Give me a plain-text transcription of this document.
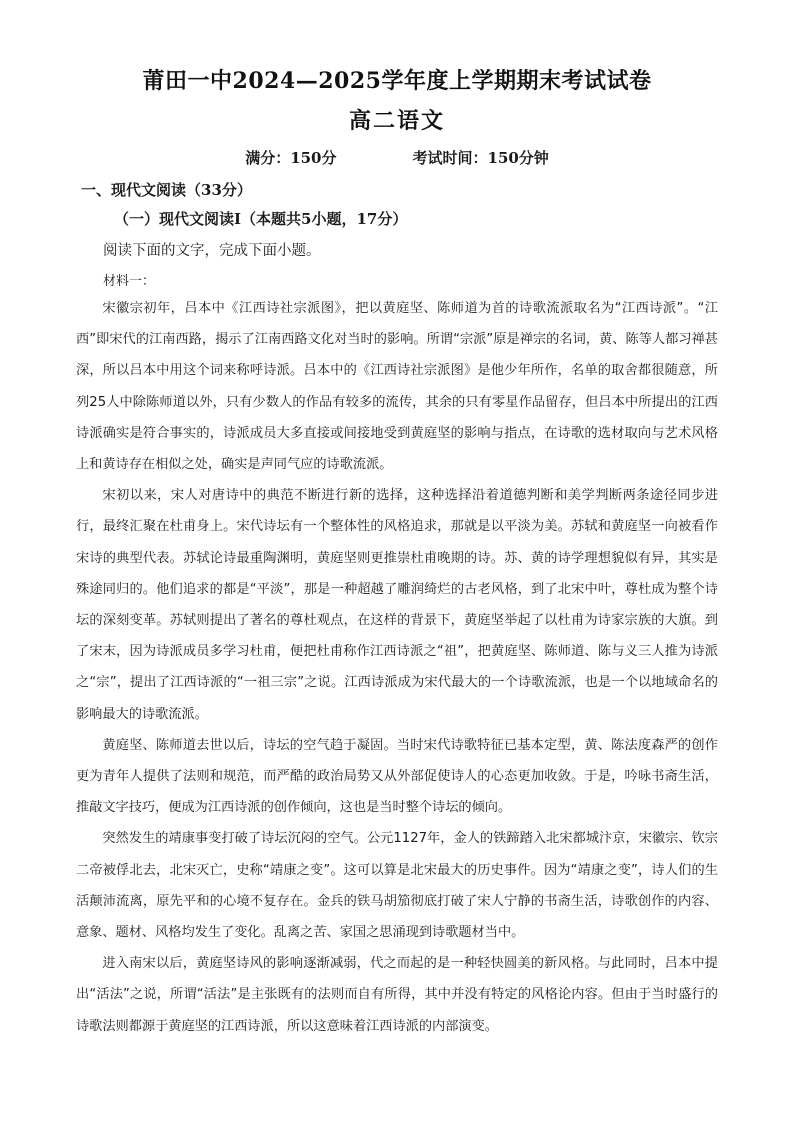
莆田一中2024—2025学年度上学期期末考试试卷
高二语文
满分：150分	考试时间：150分钟
一、现代文阅读（33分）
（一）现代文阅读Ⅰ（本题共5小题，17分）

阅读下面的文字，完成下面小题。

材料一：

宋徽宗初年，吕本中《江西诗社宗派图》，把以黄庭坚、陈师道为首的诗歌流派取名为“江西诗派”。“江西”即宋代的江南西路，揭示了江南西路文化对当时的影响。所谓“宗派”原是禅宗的名词，黄、陈等人都习禅甚深，所以吕本中用这个词来称呼诗派。吕本中的《江西诗社宗派图》是他少年所作，名单的取舍都很随意，所列25人中除陈师道以外，只有少数人的作品有较多的流传，其余的只有零星作品留存，但吕本中所提出的江西诗派确实是符合事实的，诗派成员大多直接或间接地受到黄庭坚的影响与指点，在诗歌的选材取向与艺术风格上和黄诗存在相似之处，确实是声同气应的诗歌流派。

宋初以来，宋人对唐诗中的典范不断进行新的选择，这种选择沿着道德判断和美学判断两条途径同步进行，最终汇聚在杜甫身上。宋代诗坛有一个整体性的风格追求，那就是以平淡为美。苏轼和黄庭坚一向被看作宋诗的典型代表。苏轼论诗最重陶渊明，黄庭坚则更推崇杜甫晚期的诗。苏、黄的诗学理想貌似有异，其实是殊途同归的。他们追求的都是“平淡”，那是一种超越了雕润绮烂的古老风格，到了北宋中叶，尊杜成为整个诗坛的深刻变革。苏轼则提出了著名的尊杜观点，在这样的背景下，黄庭坚举起了以杜甫为诗家宗族的大旗。到了宋末，因为诗派成员多学习杜甫，便把杜甫称作江西诗派之“祖”，把黄庭坚、陈师道、陈与义三人推为诗派之“宗”，提出了江西诗派的“一祖三宗”之说。江西诗派成为宋代最大的一个诗歌流派，也是一个以地域命名的影响最大的诗歌流派。

黄庭坚、陈师道去世以后，诗坛的空气趋于凝固。当时宋代诗歌特征已基本定型，黄、陈法度森严的创作更为青年人提供了法则和规范，而严酷的政治局势又从外部促使诗人的心态更加收敛。于是，吟咏书斋生活，推敲文字技巧，便成为江西诗派的创作倾向，这也是当时整个诗坛的倾向。

突然发生的靖康事变打破了诗坛沉闷的空气。公元1127年，金人的铁蹄踏入北宋都城汴京，宋徽宗、钦宗二帝被俘北去，北宋灭亡，史称“靖康之变”。这可以算是北宋最大的历史事件。因为“靖康之变”，诗人们的生活颠沛流离，原先平和的心境不复存在。金兵的铁马胡笳彻底打破了宋人宁静的书斋生活，诗歌创作的内容、意象、题材、风格均发生了变化。乱离之苦、家国之思涌现到诗歌题材当中。

进入南宋以后，黄庭坚诗风的影响逐渐减弱，代之而起的是一种轻快圆美的新风格。与此同时，吕本中提出“活法”之说，所谓“活法”是主张既有的法则而自有所得，其中并没有特定的风格论内容。但由于当时盛行的诗歌法则都源于黄庭坚的江西诗派，所以这意味着江西诗派的内部演变。
